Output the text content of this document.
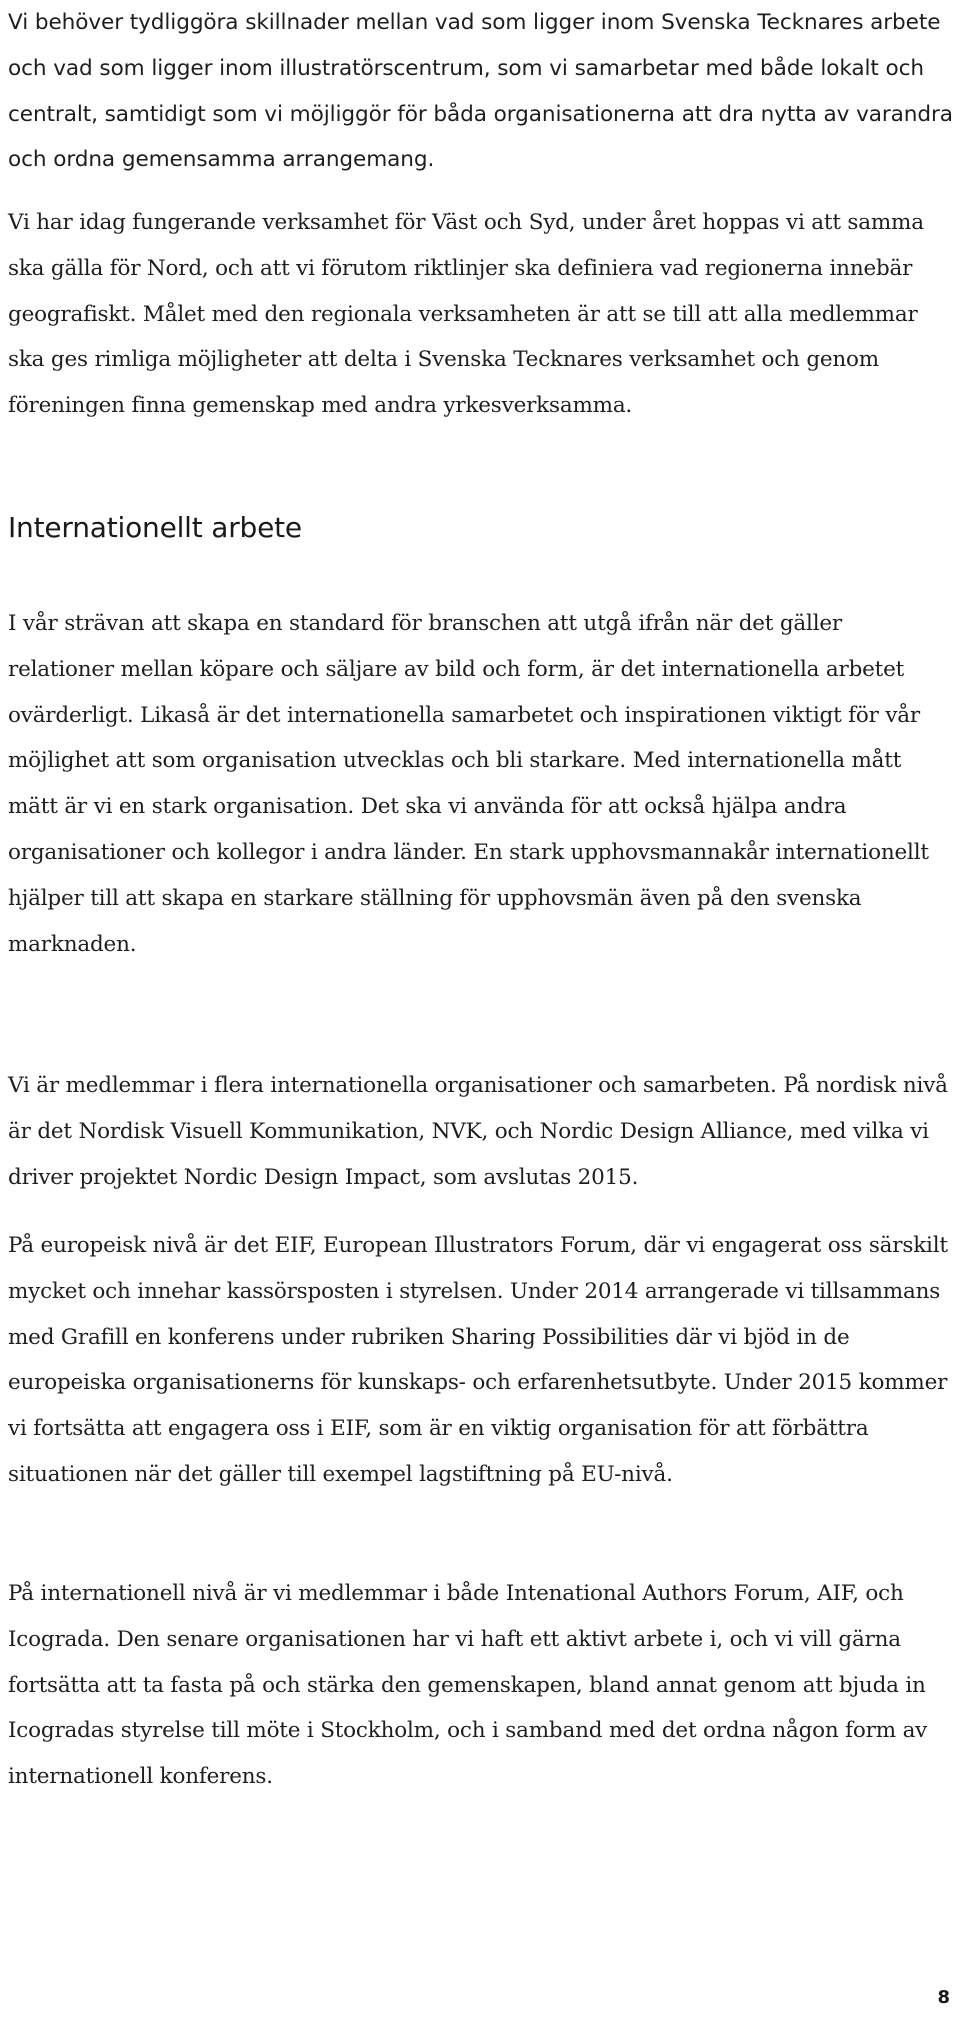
Vi behöver tydliggöra skillnader mellan vad som ligger inom Svenska Tecknares arbete och vad som ligger inom illustratörscentrum, som vi samarbetar med både lokalt och centralt, samtidigt som vi möjliggör för båda organisationerna att dra nytta av varandra och ordna gemensamma arrangemang.

Vi har idag fungerande verksamhet för Väst och Syd, under året hoppas vi att samma ska gälla för Nord, och att vi förutom riktlinjer ska definiera vad regionerna innebär geografiskt. Målet med den regionala verksamheten är att se till att alla medlemmar ska ges rimliga möjligheter att delta i Svenska Tecknares verksamhet och genom föreningen finna gemenskap med andra yrkesverksamma.

Internationellt arbete

I vår strävan att skapa en standard för branschen att utgå ifrån när det gäller relationer mellan köpare och säljare av bild och form, är det internationella arbetet ovärderligt. Likaså är det internationella samarbetet och inspirationen viktigt för vår möjlighet att som organisation utvecklas och bli starkare. Med internationella mått mätt är vi en stark organisation. Det ska vi använda för att också hjälpa andra organisationer och kollegor i andra länder. En stark upphovsmannakår internationellt hjälper till att skapa en starkare ställning för upphovsmän även på den svenska marknaden.

Vi är medlemmar i flera internationella organisationer och samarbeten. På nordisk nivå är det Nordisk Visuell Kommunikation, NVK, och Nordic Design Alliance, med vilka vi driver projektet Nordic Design Impact, som avslutas 2015.

På europeisk nivå är det EIF, European Illustrators Forum, där vi engagerat oss särskilt mycket och innehar kassörsposten i styrelsen. Under 2014 arrangerade vi tillsammans med Grafill en konferens under rubriken Sharing Possibilities där vi bjöd in de europeiska organisationerns för kunskaps- och erfarenhetsutbyte. Under 2015 kommer vi fortsätta att engagera oss i EIF, som är en viktig organisation för att förbättra situationen när det gäller till exempel lagstiftning på EU-nivå.

På internationell nivå är vi medlemmar i både Intenational Authors Forum, AIF, och Icograda. Den senare organisationen har vi haft ett aktivt arbete i, och vi vill gärna fortsätta att ta fasta på och stärka den gemenskapen, bland annat genom att bjuda in Icogradas styrelse till möte i Stockholm, och i samband med det ordna någon form av internationell konferens.

8
